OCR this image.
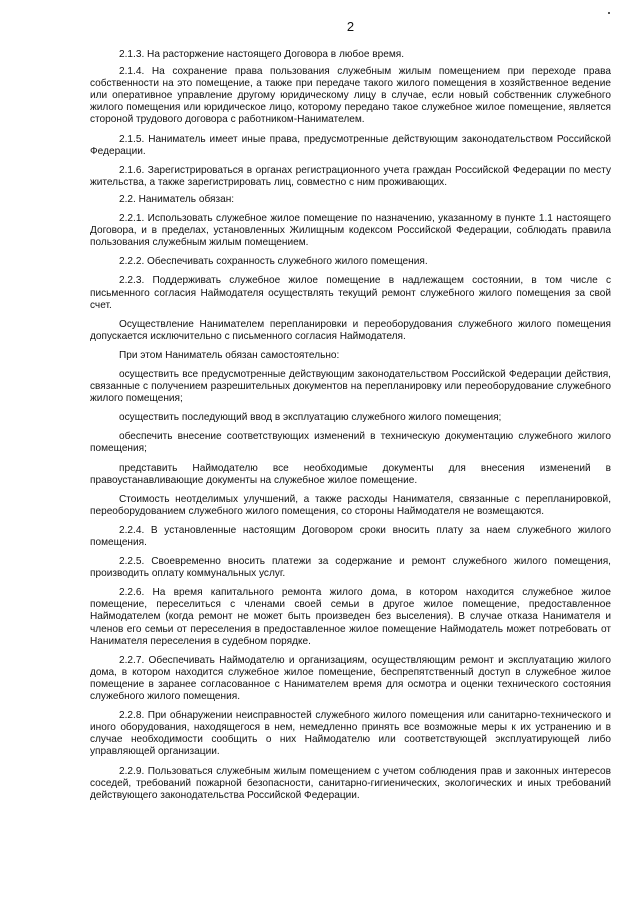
2

2.1.3. На расторжение настоящего Договора в любое время.

2.1.4. На сохранение права пользования служебным жилым помещением при переходе права собственности на это помещение, а также при передаче такого жилого помещения в хозяйственное ведение или оперативное управление другому юридическому лицу в случае, если новый собственник служебного жилого помещения или юридическое лицо, которому передано такое служебное жилое помещение, является стороной трудового договора с работником-Нанимателем.

2.1.5. Наниматель имеет иные права, предусмотренные действующим законодательством Российской Федерации.

2.1.6. Зарегистрироваться в органах регистрационного учета граждан Российской Федерации по месту жительства, а также зарегистрировать лиц, совместно с ним проживающих.

2.2. Наниматель обязан:

2.2.1. Использовать служебное жилое помещение по назначению, указанному в пункте 1.1 настоящего Договора, и в пределах, установленных Жилищным кодексом Российской Федерации, соблюдать правила пользования служебным жилым помещением.

2.2.2. Обеспечивать сохранность служебного жилого помещения.

2.2.3. Поддерживать служебное жилое помещение в надлежащем состоянии, в том числе с письменного согласия Наймодателя осуществлять текущий ремонт служебного жилого помещения за свой счет.

Осуществление Нанимателем перепланировки и переоборудования служебного жилого помещения допускается исключительно с письменного согласия Наймодателя.

При этом Наниматель обязан самостоятельно:

осуществить все предусмотренные действующим законодательством Российской Федерации действия, связанные с получением разрешительных документов на перепланировку или переоборудование служебного жилого помещения;

осуществить последующий ввод в эксплуатацию служебного жилого помещения;

обеспечить внесение соответствующих изменений в техническую документацию служебного жилого помещения;

представить Наймодателю все необходимые документы для внесения изменений в правоустанавливающие документы на служебное жилое помещение.

Стоимость неотделимых улучшений, а также расходы Нанимателя, связанные с перепланировкой, переоборудованием служебного жилого помещения, со стороны Наймодателя не возмещаются.

2.2.4. В установленные настоящим Договором сроки вносить плату за наем служебного жилого помещения.

2.2.5. Своевременно вносить платежи за содержание и ремонт служебного жилого помещения, производить оплату коммунальных услуг.

2.2.6. На время капитального ремонта жилого дома, в котором находится служебное жилое помещение, переселиться с членами своей семьи в другое жилое помещение, предоставленное Наймодателем (когда ремонт не может быть произведен без выселения). В случае отказа Нанимателя и членов его семьи от переселения в предоставленное жилое помещение Наймодатель может потребовать от Нанимателя переселения в судебном порядке.

2.2.7. Обеспечивать Наймодателю и организациям, осуществляющим ремонт и эксплуатацию жилого дома, в котором находится служебное жилое помещение, беспрепятственный доступ в служебное жилое помещение в заранее согласованное с Нанимателем время для осмотра и оценки технического состояния служебного жилого помещения.

2.2.8. При обнаружении неисправностей служебного жилого помещения или санитарно-технического и иного оборудования, находящегося в нем, немедленно принять все возможные меры к их устранению и в случае необходимости сообщить о них Наймодателю или соответствующей эксплуатирующей либо управляющей организации.

2.2.9. Пользоваться служебным жилым помещением с учетом соблюдения прав и законных интересов соседей, требований пожарной безопасности, санитарно-гигиенических, экологических и иных требований действующего законодательства Российской Федерации.
